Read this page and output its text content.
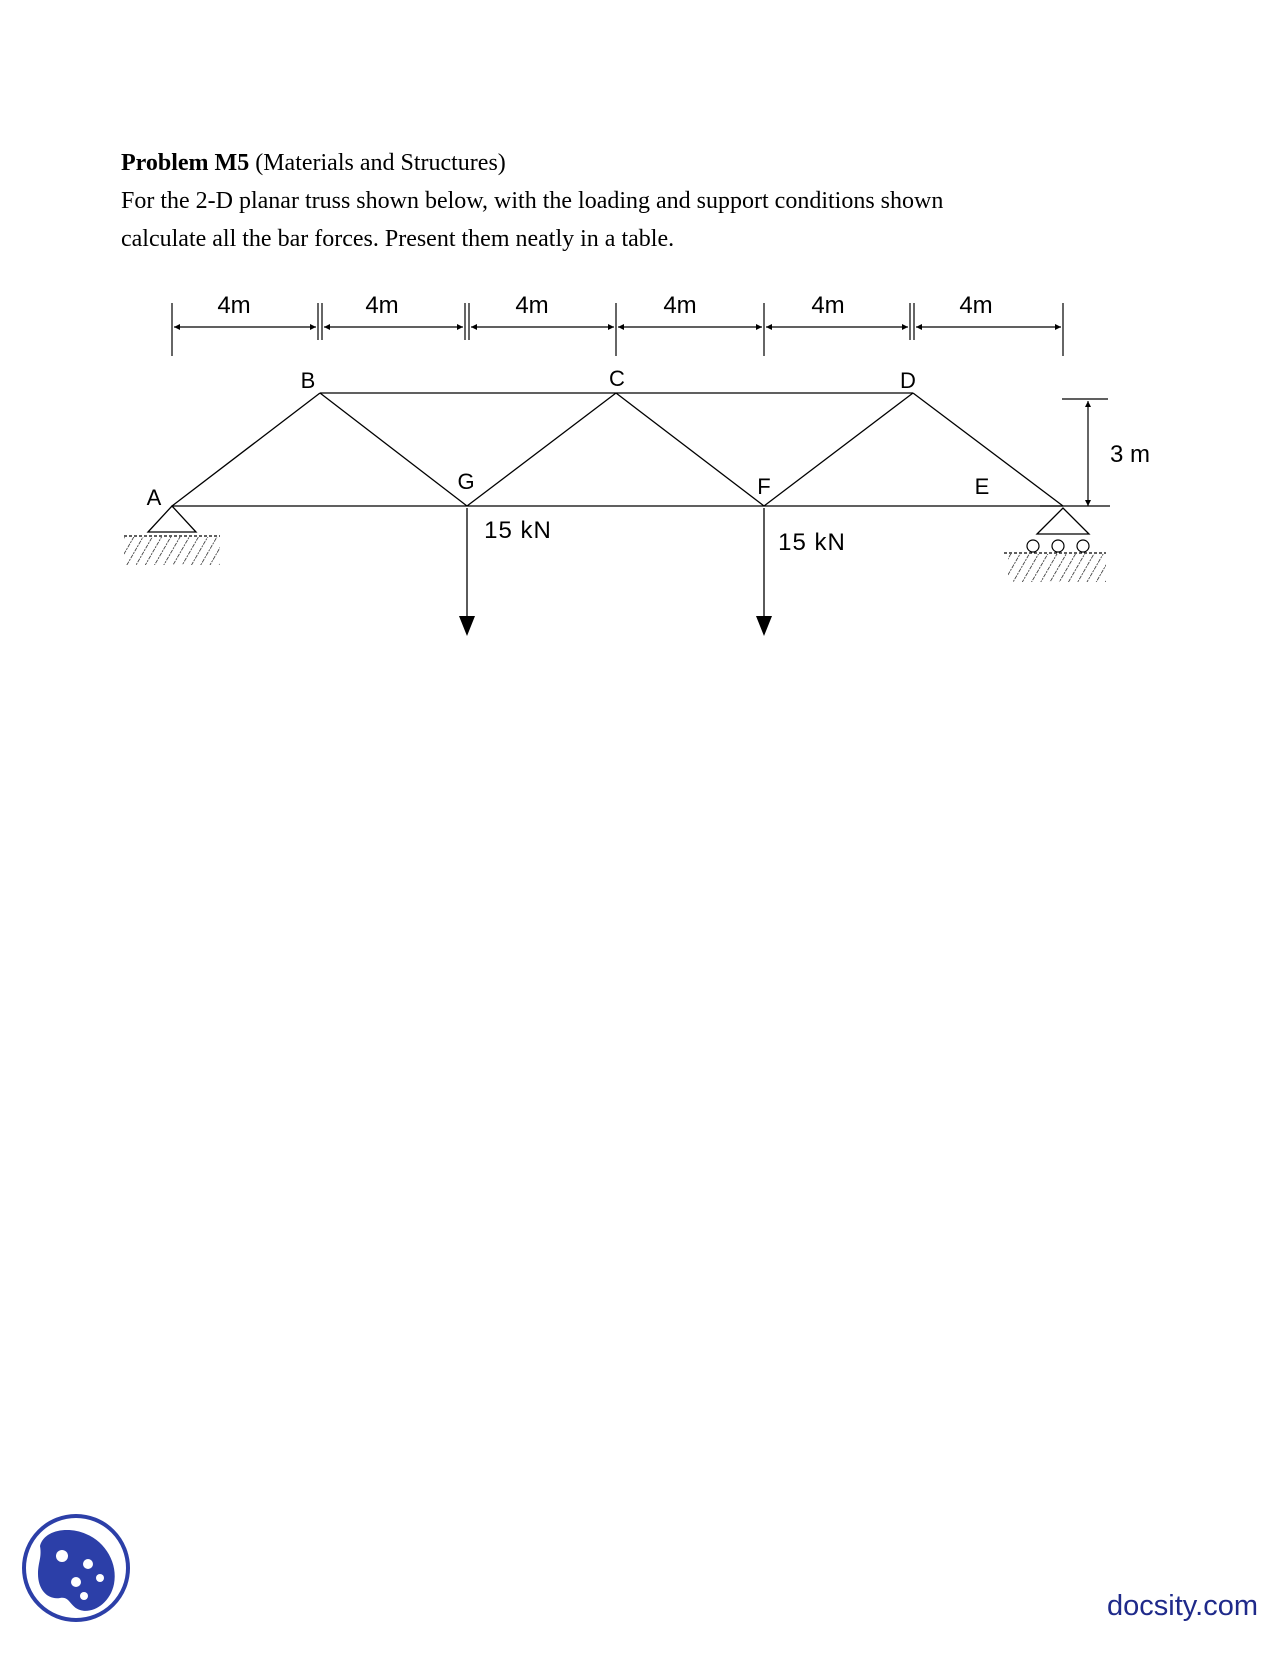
Problem M5 (Materials and Structures)

For the 2-D planar truss shown below, with the loading and support conditions shown

calculate all the bar forces. Present them neatly in a table.

4m	4m	4m	4m	4m	4m
3 m
A
B	C	D
G	F	E
15 kN	15 kN
docsity.com
